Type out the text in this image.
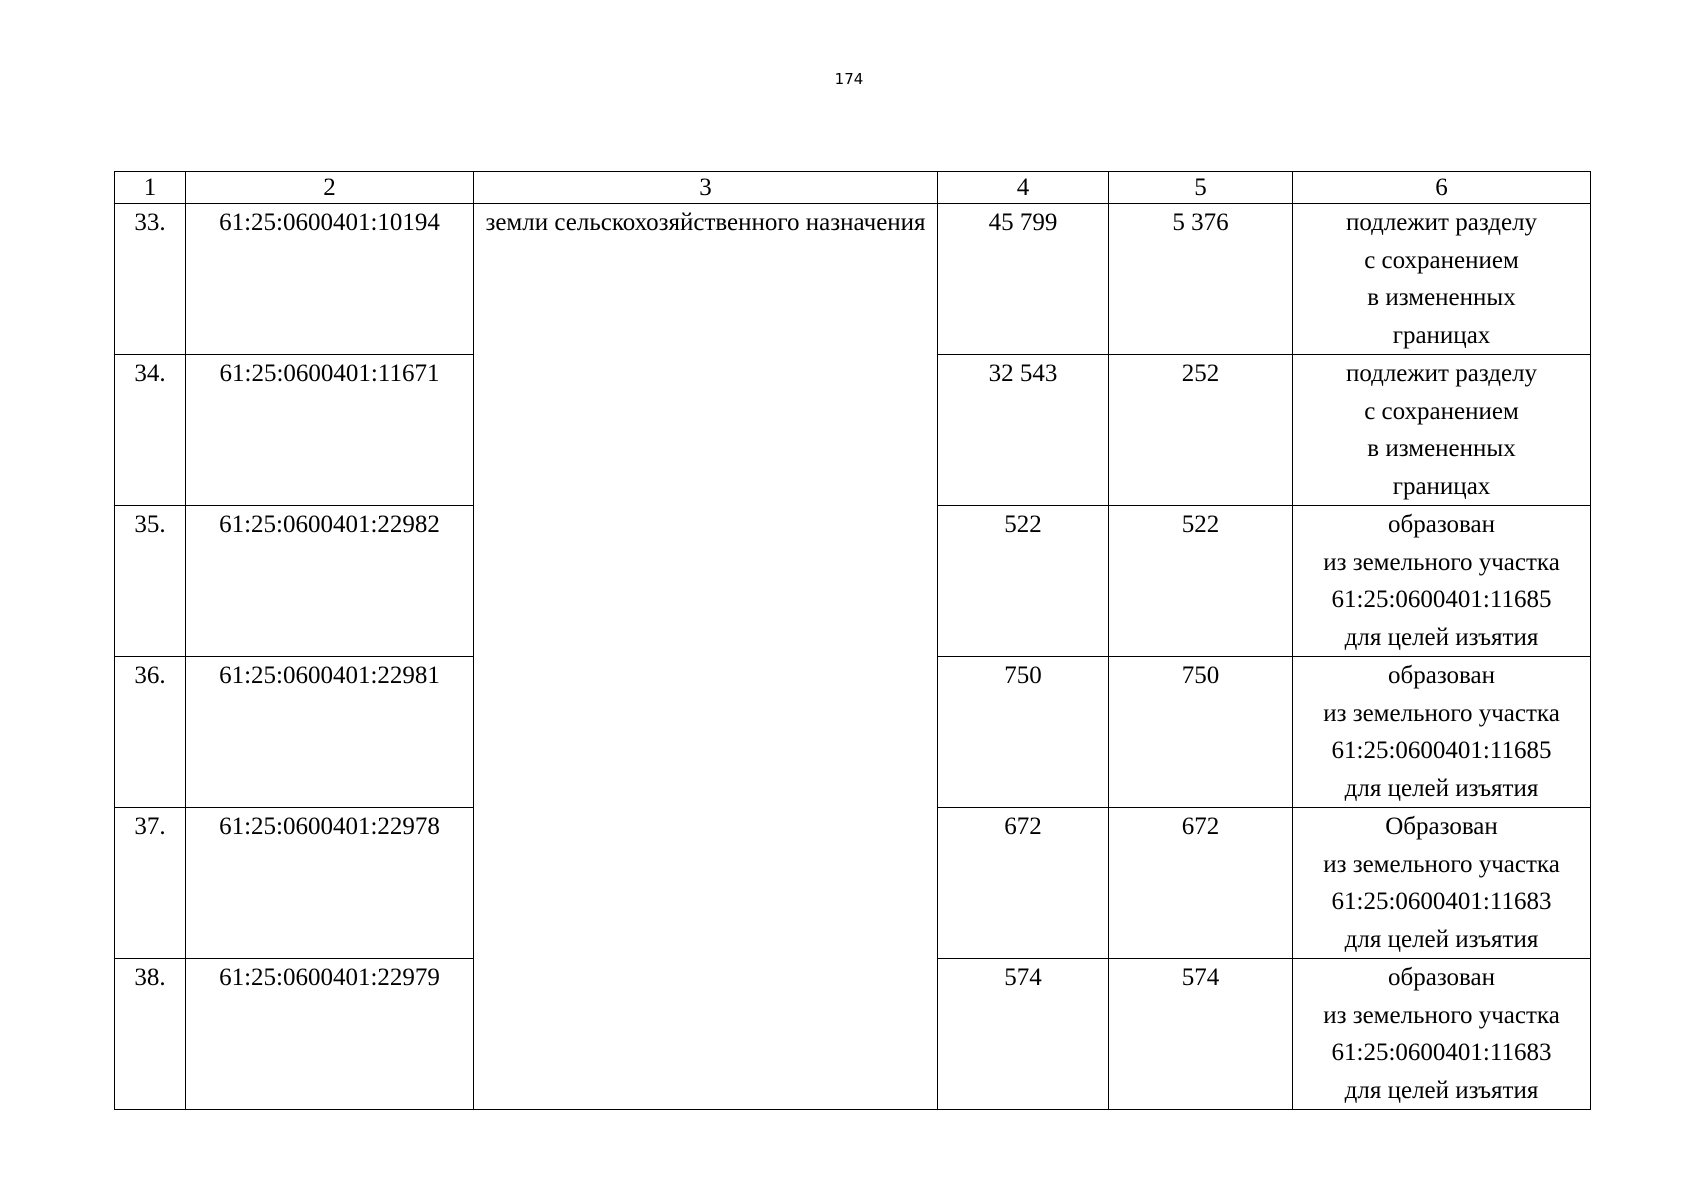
174
1	2	3	4	5	6
33.	61:25:0600401:10194	земли сельскохозяйственного назначения	45 799	5 376	подлежит разделу
с сохранением
в измененных
границах

34.	61:25:0600401:11671		32 543	252	подлежит разделу
с сохранением
в измененных
границах

35.	61:25:0600401:22982		522	522	образован
из земельного участка
61:25:0600401:11685
для целей изъятия

36.	61:25:0600401:22981		750	750	образован
из земельного участка
61:25:0600401:11685
для целей изъятия

37.	61:25:0600401:22978		672	672	Образован
из земельного участка
61:25:0600401:11683
для целей изъятия

38.	61:25:0600401:22979		574	574	образован
из земельного участка
61:25:0600401:11683
для целей изъятия
